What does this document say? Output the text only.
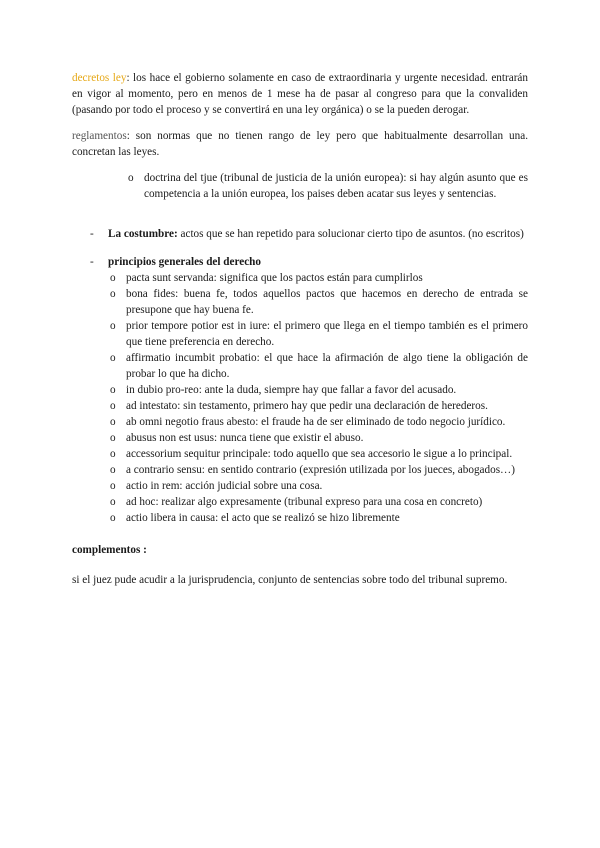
decretos ley: los hace el gobierno solamente en caso de extraordinaria y urgente necesidad. entrarán en vigor al momento, pero en menos de 1 mese ha de pasar al congreso para que la convaliden (pasando por todo el proceso y se convertirá en una ley orgánica) o se la pueden derogar.

reglamentos: son normas que no tienen rango de ley pero que habitualmente desarrollan una. concretan las leyes.

o doctrina del tjue (tribunal de justicia de la unión europea): si hay algún asunto que es competencia a la unión europea, los paises deben acatar sus leyes y sentencias.
- La costumbre: actos que se han repetido para solucionar cierto tipo de asuntos. (no escritos)
- principios generales del derecho
o pacta sunt servanda: significa que los pactos están para cumplirlos
o bona fides: buena fe, todos aquellos pactos que hacemos en derecho de entrada se presupone que hay buena fe.
o prior tempore potior est in iure: el primero que llega en el tiempo también es el primero que tiene preferencia en derecho.
o affirmatio incumbit probatio: el que hace la afirmación de algo tiene la obligación de probar lo que ha dicho.
o in dubio pro-reo: ante la duda, siempre hay que fallar a favor del acusado.
o ad intestato: sin testamento, primero hay que pedir una declaración de herederos.
o ab omni negotio fraus abesto: el fraude ha de ser eliminado de todo negocio jurídico.
o abusus non est usus: nunca tiene que existir el abuso.
o accessorium sequitur principale: todo aquello que sea accesorio le sigue a lo principal.
o a contrario sensu: en sentido contrario (expresión utilizada por los jueces, abogados…)
o actio in rem: acción judicial sobre una cosa.
o ad hoc: realizar algo expresamente (tribunal expreso para una cosa en concreto)
o actio libera in causa: el acto que se realizó se hizo libremente

complementos :

si el juez pude acudir a la jurisprudencia, conjunto de sentencias sobre todo del tribunal supremo.
